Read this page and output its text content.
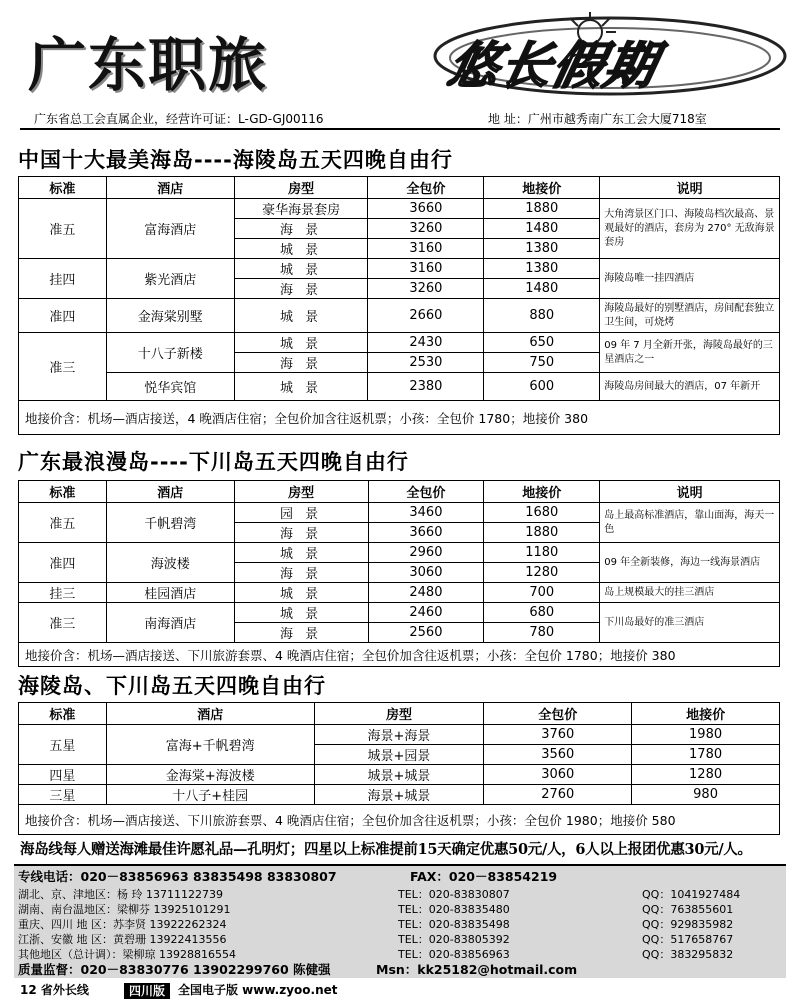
广东职旅	悠长假期
广东省总工会直属企业，经营许可证：L-GD-GJ00116	地 址：广州市越秀南广东工会大厦718室
中国十大最美海岛----海陵岛五天四晚自由行
标准	酒店	房型	全包价	地接价	说明
准五	富海酒店	豪华海景套房	3660	1880	大角湾景区门口、海陵岛档次最高、景观最好的酒店，套房为 270° 无敌海景套房
		海 景	3260	1480	
		城 景	3160	1380	
挂四	紫光酒店	城 景	3160	1380	海陵岛唯一挂四酒店
		海 景	3260	1480	
准四	金海棠别墅	城 景	2660	880	海陵岛最好的别墅酒店，房间配套独立卫生间，可烧烤
准三	十八子新楼	城 景	2430	650	09 年 7 月全新开张，海陵岛最好的三星酒店之一
		海 景	2530	750	
	悦华宾馆	城 景	2380	600	海陵岛房间最大的酒店，07 年新开
地接价含：机场—酒店接送，4 晚酒店住宿；全包价加含往返机票；小孩：全包价 1780；地接价 380					
广东最浪漫岛----下川岛五天四晚自由行
标准	酒店	房型	全包价	地接价	说明
准五	千帆碧湾	园 景	3460	1680	岛上最高标准酒店，靠山面海，海天一色
		海 景	3660	1880	
准四	海波楼	城 景	2960	1180	09 年全新装修，海边一线海景酒店
		海 景	3060	1280	
挂三	桂园酒店	城 景	2480	700	岛上规模最大的挂三酒店
准三	南海酒店	城 景	2460	680	下川岛最好的准三酒店
		海 景	2560	780	
地接价含：机场—酒店接送、下川旅游套票、4 晚酒店住宿；全包价加含往返机票；小孩：全包价 1780；地接价 380					
海陵岛、下川岛五天四晚自由行
标准	酒店	房型	全包价	地接价
五星	富海+千帆碧湾	海景+海景	3760	1980
		城景+园景	3560	1780
四星	金海棠+海波楼	城景+城景	3060	1280
三星	十八子+桂园	海景+城景	2760	980
地接价含：机场—酒店接送、下川旅游套票、4 晚酒店住宿；全包价加含往返机票；小孩：全包价 1980；地接价 580				
海岛线每人赠送海滩最佳许愿礼品—孔明灯；四星以上标准提前15天确定优惠50元/人，6人以上报团优惠30元/人。
专线电话：020－83856963 83835498 83830807	FAX：020－83854219
湖北、京、津地区：杨 玲 13711122739	TEL：020-83830807	QQ：1041927484
湖南、南台温地区：梁柳芬 13925101291	TEL：020-83835480	QQ：763855601
重庆、四川 地 区：苏李贤 13922262324	TEL：020-83835498	QQ：929835982
江浙、安徽 地 区：黄碧珊 13922413556	TEL：020-83805392	QQ：517658767
其他地区（总计调）：梁柳琼 13928816554	TEL：020-83856963	QQ：383295832
质量监督：020－83830776 13902299760 陈健强	Msn：kk25182@hotmail.com
12 省外长线	四川版	全国电子版 www.zyoo.net
